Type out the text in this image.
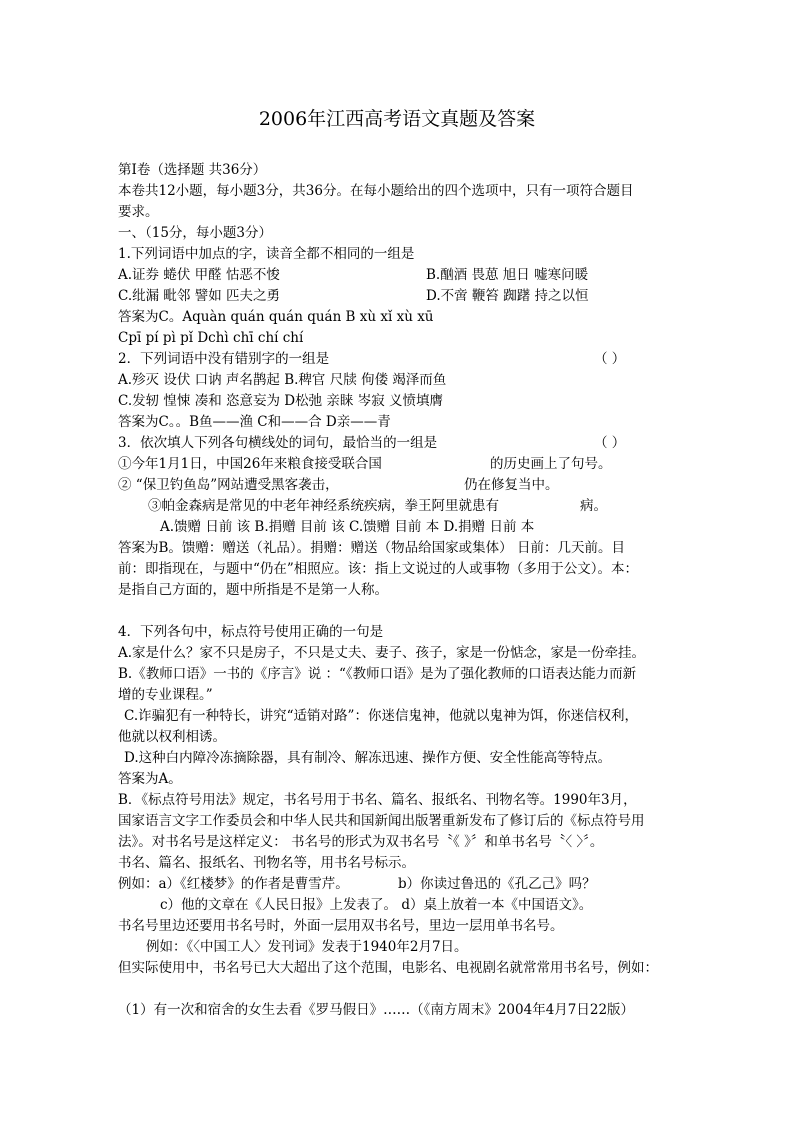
2006年江西高考语文真题及答案
第Ⅰ卷（选择题 共36分）
本卷共12小题，每小题3分，共36分。在每小题给出的四个选项中，只有一项符合题目
要求。
一、（15分，每小题3分）
1.下列词语中加点的字，读音全都不相同的一组是
A.证券 蜷伏 甲醛 怙恶不悛	B.酗酒 畏葸 旭日 嘘寒问暖
C.纰漏 毗邻 譬如 匹夫之勇	D.不啻 鞭笞 踟躇 持之以恒
答案为C。Aquàn quán quán quán B xù xǐ xù xū
Cpī pí pì pǐ Dchì chī chí chí
2．下列词语中没有错别字的一组是	（ ）
A.殄灭 设伏 口讷 声名鹊起 B.稗官 尺牍 佝偻 竭泽而鱼
C.发轫 惶悚 凑和 恣意妄为 D松弛 亲睐 岑寂 义愤填膺
答案为C。。B鱼——渔 C和——合 D亲——青
3．依次填人下列各句横线处的词句，最恰当的一组是	（ ）
①今年1月1日，中国26年来粮食接受联合国	的历史画上了句号。
② “保卫钓鱼岛”网站遭受黑客袭击，	仍在修复当中。
③帕金森病是常见的中老年神经系统疾病，拳王阿里就患有	病。
A.馈赠 日前 该 B.捐赠 目前 该 C.馈赠 目前 本 D.捐赠 日前 本
答案为B。馈赠：赠送（礼品）。捐赠：赠送（物品给国家或集体） 日前：几天前。目
前：即指现在，与题中“仍在”相照应。该：指上文说过的人或事物（多用于公文）。本：
是指自己方面的，题中所指是不是第一人称。
4．下列各句中，标点符号使用正确的一句是
A.家是什么？家不只是房子，不只是丈夫、妻子、孩子，家是一份惦念，家是一份牵挂。
B.《教师口语》一书的《序言》说 ：“《教师口语》是为了强化教师的口语表达能力而新
增的专业课程。”
C.诈骗犯有一种特长，讲究“适销对路”：你迷信鬼神，他就以鬼神为饵，你迷信权利，
他就以权利相诱。
D.这种白内障冷冻摘除器，具有制冷、解冻迅速、操作方便、安全性能高等特点。
答案为A。
B．《标点符号用法》规定，书名号用于书名、篇名、报纸名、刊物名等。1990年3月，
国家语言文字工作委员会和中华人民共和国新闻出版署重新发布了修订后的《标点符号用
法》。对书名号是这样定义： 书名号的形式为双书名号〝《 》〞和单书名号〝〈 〉〞。
书名、篇名、报纸名、刊物名等，用书名号标示。
例如：a）《红楼梦》的作者是曹雪芹。	b）你读过鲁迅的《孔乙己》吗？
c）他的文章在《人民日报》上发表了。 d）桌上放着一本《中国语文》。
书名号里边还要用书名号时，外面一层用双书名号，里边一层用单书名号。
例如：《〈中国工人〉发刊词》发表于1940年2月7日。
但实际使用中，书名号已大大超出了这个范围，电影名、电视剧名就常常用书名号，例如：
（1）有一次和宿舍的女生去看《罗马假日》……（《南方周末》2004年4月7日22版）
